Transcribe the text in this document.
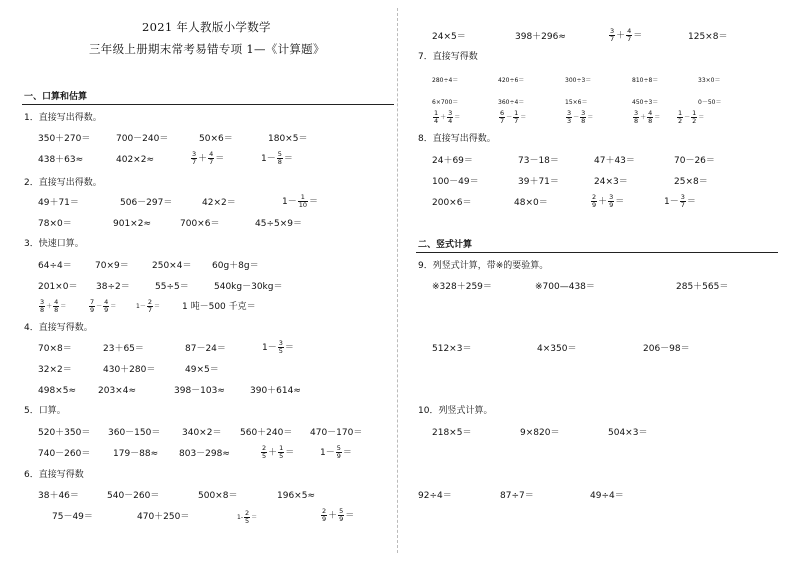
2021 年人教版小学数学
三年级上册期末常考易错专项 1—《计算题》
一、口算和估算
1．直接写出得数。
350＋270＝	700－240＝	50×6＝	180×5＝
438＋63≈	402×2≈	$\frac{3}{7} + \frac{4}{7}$ ＝	$1- \frac{5}{8}$ ＝
2．直接写出得数。
49＋71＝	506－297＝	42×2＝	$1- \frac{1}{10}$ ＝
78×0＝	901×2≈	700×6＝	45÷5×9＝
3．快速口算。
64÷4＝	70×9＝	250×4＝ 60g＋8g＝
201×0＝ 38÷2＝	55÷5＝	540kg－30kg＝
$\frac{3}{8} + \frac{4}{8}$ ＝	$\frac{7}{9} - \frac{4}{9}$ ＝	$1- \frac{2}{7} = 1$ 吨－500 千克＝
4．直接写得数。
70×8＝	23＋65＝	87－24＝	$1- \frac{3}{5}$ ＝
32×2＝	430＋280＝	49×5＝
498×5≈ 203×4≈	398－103≈	390＋614≈
5．口算。
520＋350＝ 360－150＝ 340×2＝ 560＋240＝ 470－170＝
740－260＝	179－88≈ 803－298≈	$\frac{2}{5} + \frac{1}{5}$ ＝	$1- \frac{5}{9}$ ＝
6．直接写得数
38＋46＝	540－260＝	500×8＝	196×5≈
75－49＝	470＋250＝	$1- \frac{2}{5}$ ＝	$\frac{2}{9} + \frac{5}{9}$ ＝
24×5＝	398＋296≈	$\frac{3}{7} + \frac{4}{7}$ ＝	125×8＝
7．直接写得数
280÷4＝	420÷6＝	300÷3＝	810÷8＝	33×0＝
6×700＝	360÷4＝	15×6＝	450÷3＝	0－50＝
$\frac{1}{4} + \frac{3}{4}$ ＝	$\frac{6}{7} - \frac{1}{7}$ ＝	$\frac{3}{3} - \frac{3}{8}$ ＝	$\frac{3}{8} + \frac{4}{8}$ ＝	$\frac{1}{2} - \frac{1}{2}$ ＝
8．直接写出得数。
24＋69＝	73－18＝	47＋43＝	70－26＝
100－49＝	39＋71＝	24×3＝	25×8＝
200×6＝	48×0＝	$\frac{2}{9} + \frac{3}{9}$ ＝	$1- \frac{3}{7}$ ＝
二、竖式计算
9．列竖式计算，带※的要验算。
※328＋259＝	※700—438＝	285＋565＝
512×3＝	4×350＝	206－98＝
10．列竖式计算。
218×5＝	9×820＝	504×3＝
92÷4＝	87÷7＝	49÷4＝
